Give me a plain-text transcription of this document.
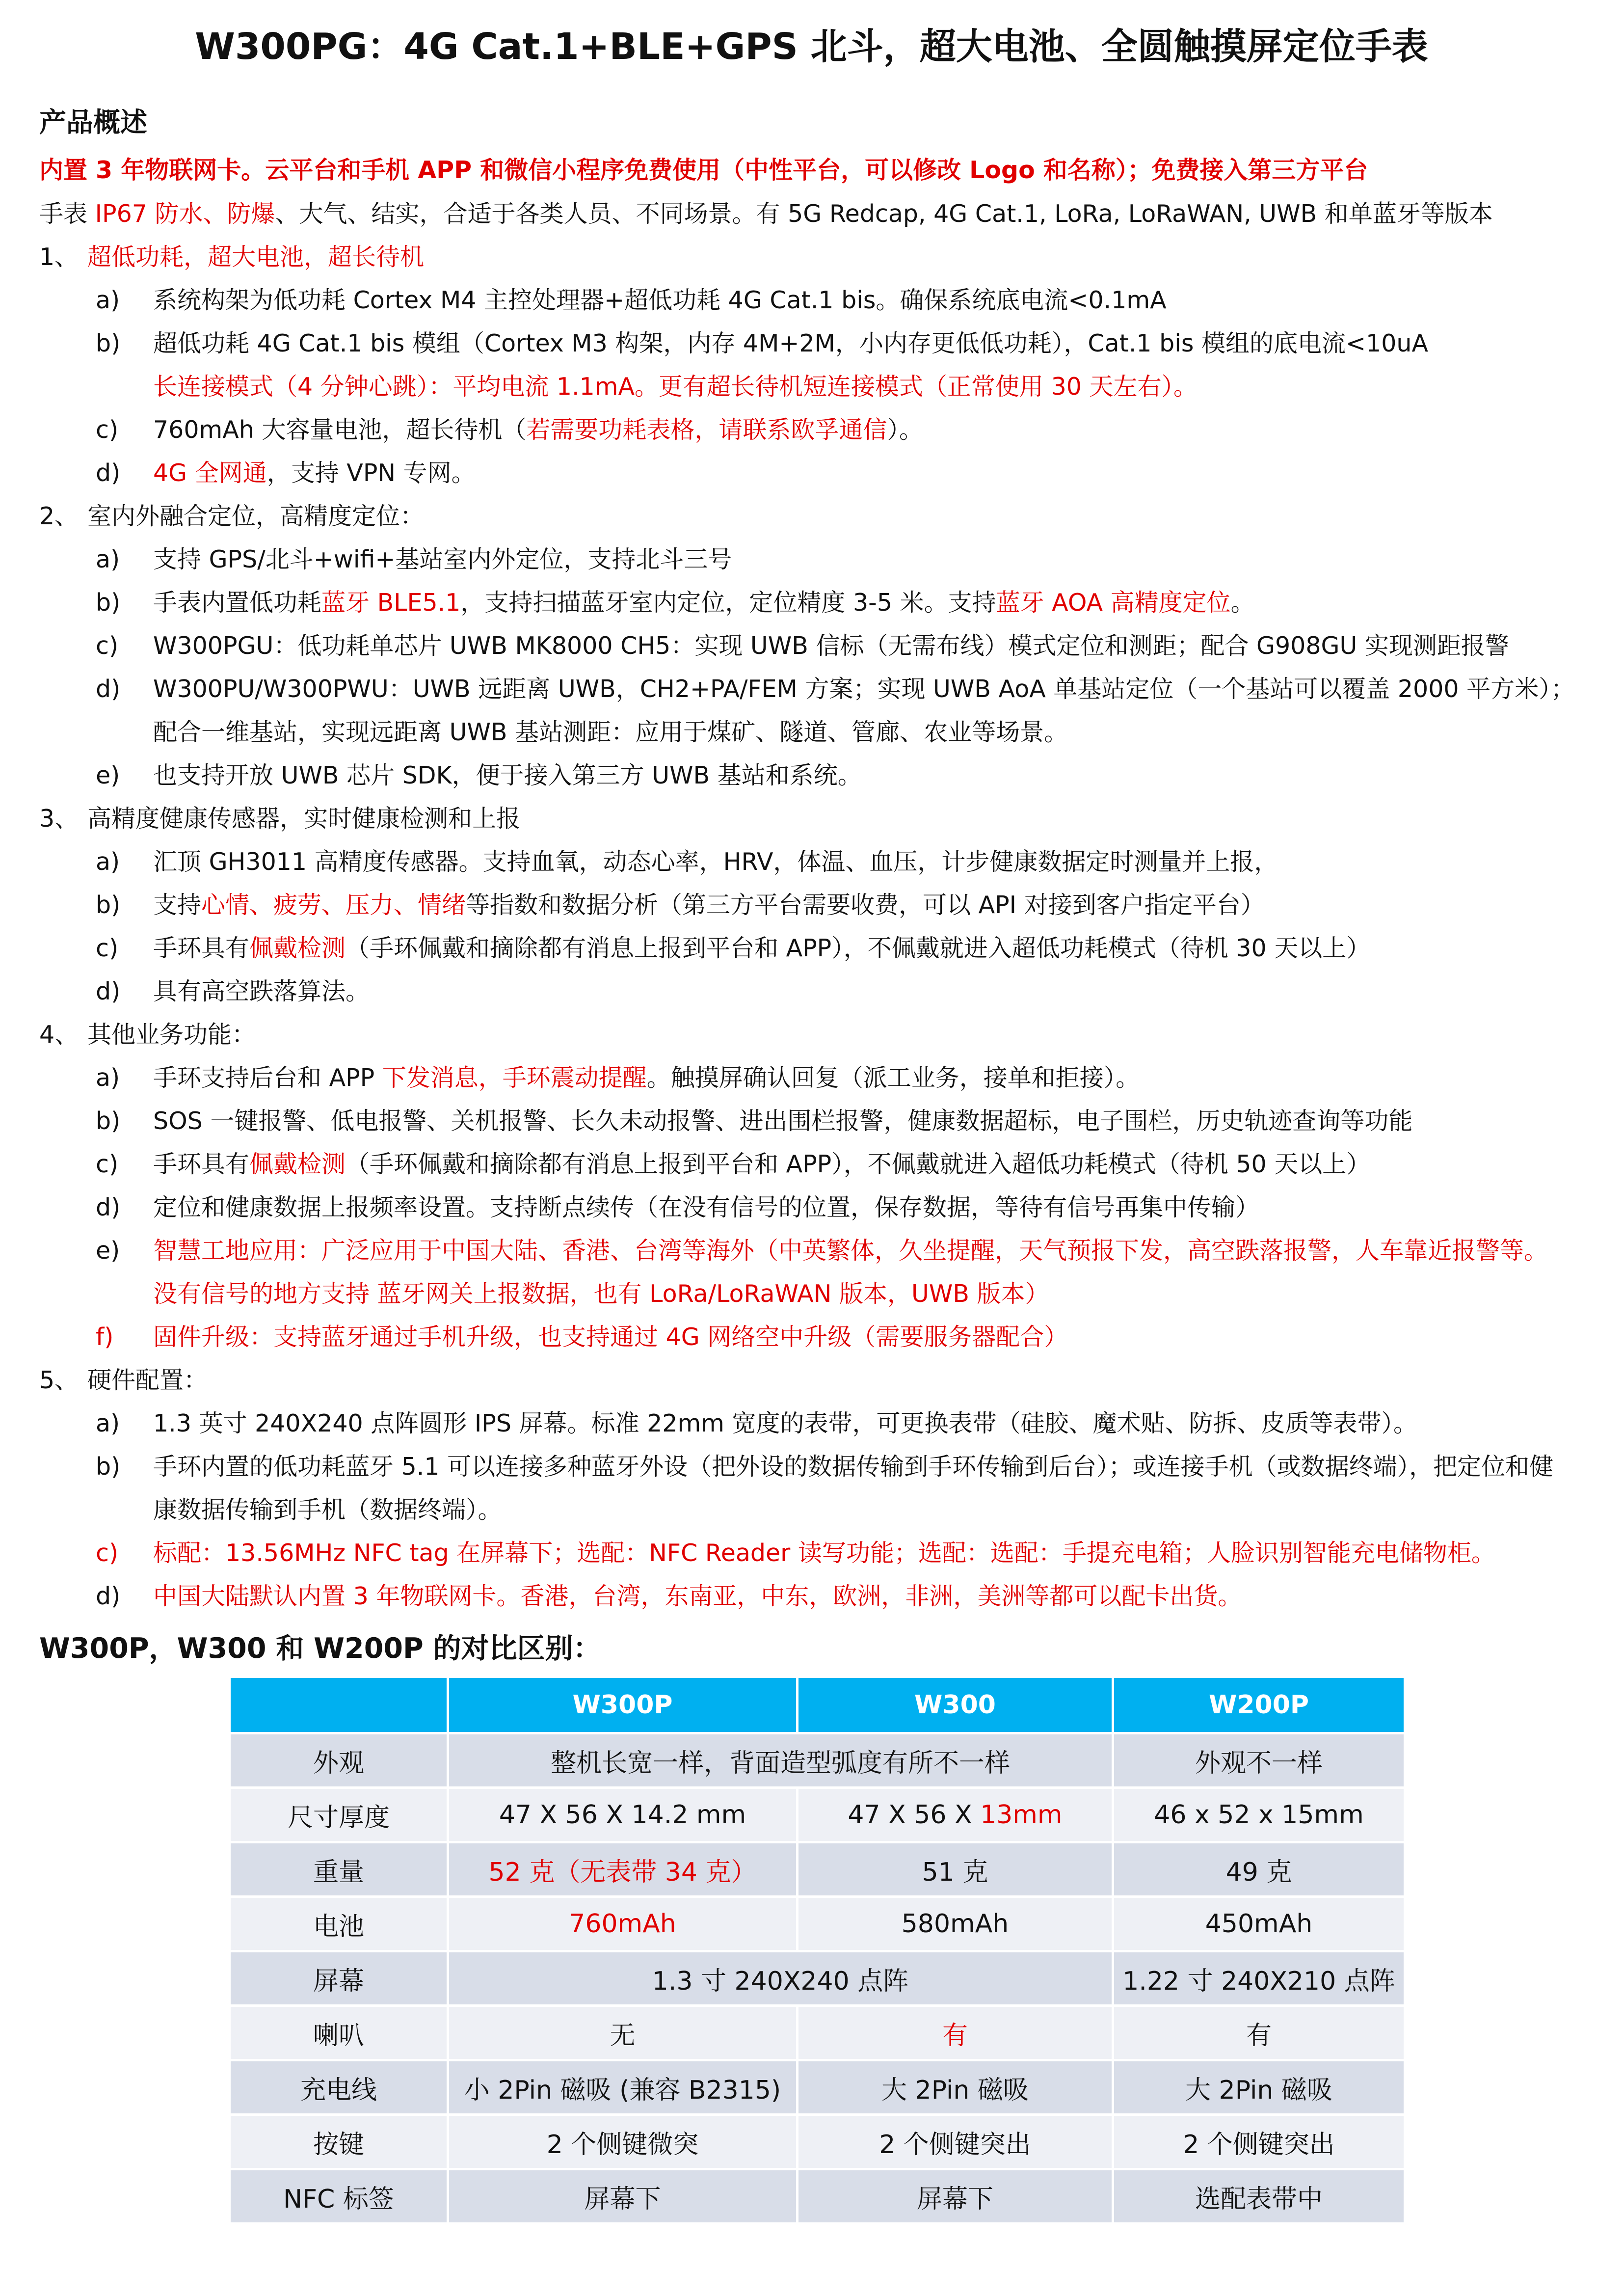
W300PG：4G Cat.1+BLE+GPS 北斗，超大电池、全圆触摸屏定位手表
产品概述
内置 3 年物联网卡。云平台和手机 APP 和微信小程序免费使用（中性平台，可以修改 Logo 和名称）；免费接入第三方平台
手表 IP67 防水、防爆、大气、结实，合适于各类人员、不同场景。有 5G Redcap, 4G Cat.1, LoRa, LoRaWAN, UWB 和单蓝牙等版本
1、 超低功耗，超大电池，超长待机
a) 系统构架为低功耗 Cortex M4 主控处理器+超低功耗 4G Cat.1 bis。确保系统底电流<0.1mA
b) 超低功耗 4G Cat.1 bis 模组（Cortex M3 构架，内存 4M+2M，小内存更低低功耗），Cat.1 bis 模组的底电流<10uA
长连接模式（4 分钟心跳）：平均电流 1.1mA。更有超长待机短连接模式（正常使用 30 天左右）。
c) 760mAh 大容量电池，超长待机（若需要功耗表格，请联系欧孚通信）。
d) 4G 全网通，支持 VPN 专网。
2、 室内外融合定位，高精度定位：
a) 支持 GPS/北斗+wifi+基站室内外定位，支持北斗三号
b) 手表内置低功耗蓝牙 BLE5.1，支持扫描蓝牙室内定位，定位精度 3-5 米。支持蓝牙 AOA 高精度定位。
c) W300PGU：低功耗单芯片 UWB MK8000 CH5：实现 UWB 信标（无需布线）模式定位和测距；配合 G908GU 实现测距报警
d) W300PU/W300PWU：UWB 远距离 UWB，CH2+PA/FEM 方案；实现 UWB AoA 单基站定位（一个基站可以覆盖 2000 平方米）；
配合一维基站，实现远距离 UWB 基站测距：应用于煤矿、隧道、管廊、农业等场景。
e) 也支持开放 UWB 芯片 SDK，便于接入第三方 UWB 基站和系统。
3、 高精度健康传感器，实时健康检测和上报
a) 汇顶 GH3011 高精度传感器。支持血氧，动态心率，HRV，体温、血压，计步健康数据定时测量并上报，
b) 支持心情、疲劳、压力、情绪等指数和数据分析（第三方平台需要收费，可以 API 对接到客户指定平台）
c) 手环具有佩戴检测（手环佩戴和摘除都有消息上报到平台和 APP），不佩戴就进入超低功耗模式（待机 30 天以上）
d) 具有高空跌落算法。
4、 其他业务功能：
a) 手环支持后台和 APP 下发消息，手环震动提醒。触摸屏确认回复（派工业务，接单和拒接）。
b) SOS 一键报警、低电报警、关机报警、长久未动报警、进出围栏报警，健康数据超标，电子围栏，历史轨迹查询等功能
c) 手环具有佩戴检测（手环佩戴和摘除都有消息上报到平台和 APP），不佩戴就进入超低功耗模式（待机 50 天以上）
d) 定位和健康数据上报频率设置。支持断点续传（在没有信号的位置，保存数据，等待有信号再集中传输）
e) 智慧工地应用：广泛应用于中国大陆、香港、台湾等海外（中英繁体，久坐提醒，天气预报下发，高空跌落报警，人车靠近报警等。
没有信号的地方支持 蓝牙网关上报数据，也有 LoRa/LoRaWAN 版本，UWB 版本）
f) 固件升级：支持蓝牙通过手机升级，也支持通过 4G 网络空中升级（需要服务器配合）
5、 硬件配置：
a) 1.3 英寸 240X240 点阵圆形 IPS 屏幕。标准 22mm 宽度的表带，可更换表带（硅胶、魔术贴、防拆、皮质等表带）。
b) 手环内置的低功耗蓝牙 5.1 可以连接多种蓝牙外设（把外设的数据传输到手环传输到后台）；或连接手机（或数据终端），把定位和健
康数据传输到手机（数据终端）。
c) 标配：13.56MHz NFC tag 在屏幕下；选配：NFC Reader 读写功能；选配：选配：手提充电箱；人脸识别智能充电储物柜。
d) 中国大陆默认内置 3 年物联网卡。香港，台湾，东南亚，中东，欧洲，非洲，美洲等都可以配卡出货。
W300P，W300 和 W200P 的对比区别：
	W300P	W300	W200P
外观	整机长宽一样，背面造型弧度有所不一样		外观不一样
尺寸厚度	47 X 56 X 14.2 mm	47 X 56 X 13mm	46 x 52 x 15mm
重量	52 克（无表带 34 克）	51 克	49 克
电池	760mAh	580mAh	450mAh
屏幕	1.3 寸 240X240 点阵		1.22 寸 240X210 点阵
喇叭	无	有	有
充电线	小 2Pin 磁吸 (兼容 B2315)	大 2Pin 磁吸	大 2Pin 磁吸
按键	2 个侧键微突	2 个侧键突出	2 个侧键突出
NFC 标签	屏幕下	屏幕下	选配表带中
